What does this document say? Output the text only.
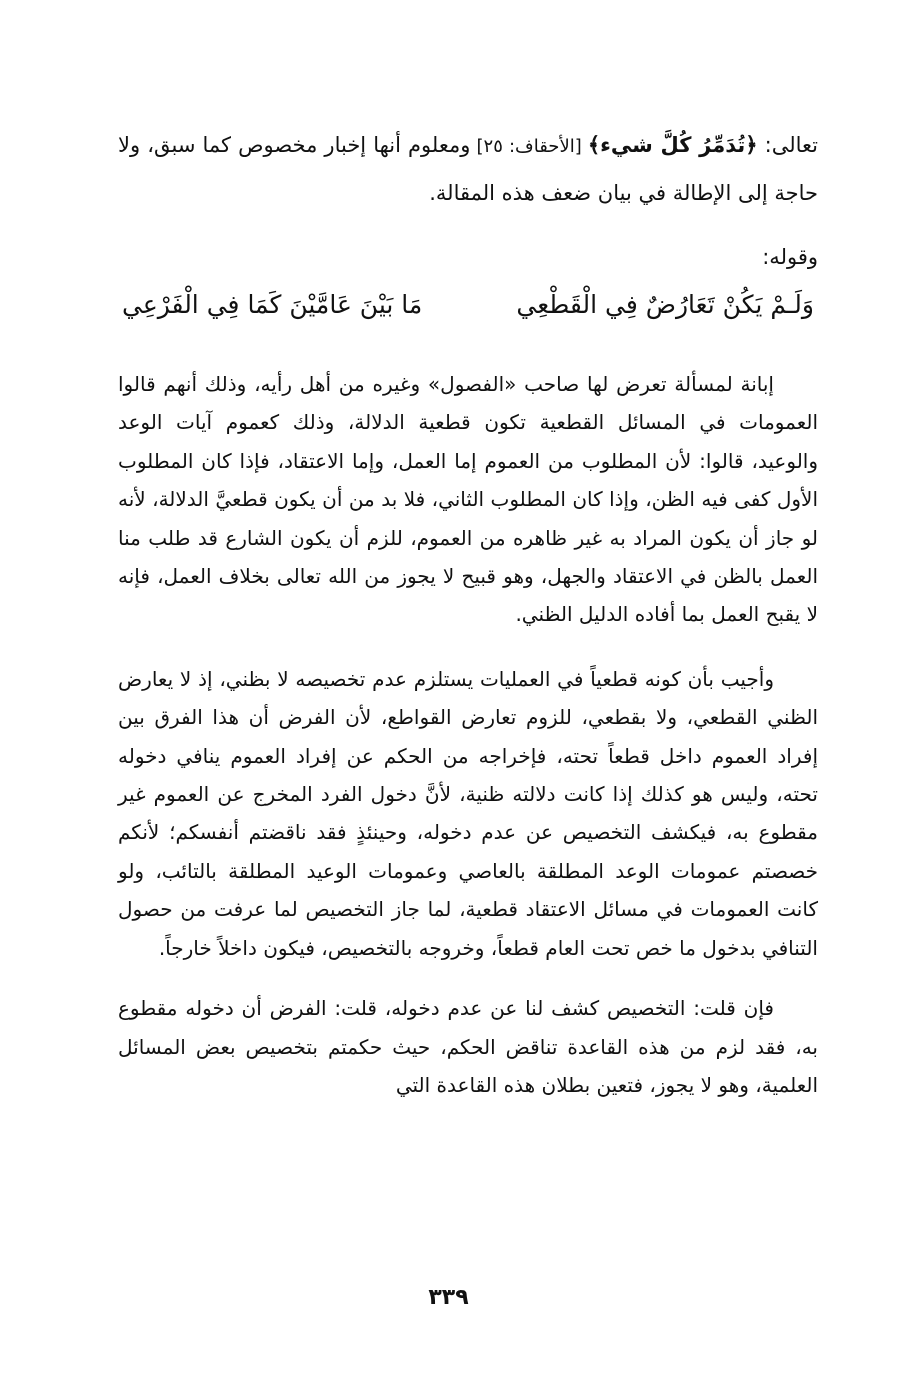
تعالى: ﴿تُدَمِّرُ كُلَّ شيء﴾ [الأحقاف: ٢٥] ومعلوم أنها إخبار مخصوص كما سبق، ولا حاجة إلى الإطالة في بيان ضعف هذه المقالة.

وقوله:
وَلَـمْ يَكُنْ تَعَارُضٌ فِي الْقَطْعِي
مَا بَيْنَ عَامَّيْنَ كَمَا فِي الْفَرْعِي

إبانة لمسألة تعرض لها صاحب «الفصول» وغيره من أهل رأيه، وذلك أنهم قالوا العمومات في المسائل القطعية تكون قطعية الدلالة، وذلك كعموم آيات الوعد والوعيد، قالوا: لأن المطلوب من العموم إما العمل، وإما الاعتقاد، فإذا كان المطلوب الأول كفى فيه الظن، وإذا كان المطلوب الثاني، فلا بد من أن يكون قطعيَّ الدلالة، لأنه لو جاز أن يكون المراد به غير ظاهره من العموم، للزم أن يكون الشارع قد طلب منا العمل بالظن في الاعتقاد والجهل، وهو قبيح لا يجوز من الله تعالى بخلاف العمل، فإنه لا يقبح العمل بما أفاده الدليل الظني.

وأجيب بأن كونه قطعياً في العمليات يستلزم عدم تخصيصه لا بظني، إذ لا يعارض الظني القطعي، ولا بقطعي، للزوم تعارض القواطع، لأن الفرض أن هذا الفرق بين إفراد العموم داخل قطعاً تحته، فإخراجه من الحكم عن إفراد العموم ينافي دخوله تحته، وليس هو كذلك إذا كانت دلالته ظنية، لأنَّ دخول الفرد المخرج عن العموم غير مقطوع به، فيكشف التخصيص عن عدم دخوله، وحينئذٍ فقد ناقضتم أنفسكم؛ لأنكم خصصتم عمومات الوعد المطلقة بالعاصي وعمومات الوعيد المطلقة بالتائب، ولو كانت العمومات في مسائل الاعتقاد قطعية، لما جاز التخصيص لما عرفت من حصول التنافي بدخول ما خص تحت العام قطعاً، وخروجه بالتخصيص، فيكون داخلاً خارجاً.

فإن قلت: التخصيص كشف لنا عن عدم دخوله، قلت: الفرض أن دخوله مقطوع به، فقد لزم من هذه القاعدة تناقض الحكم، حيث حكمتم بتخصيص بعض المسائل العلمية، وهو لا يجوز، فتعين بطلان هذه القاعدة التي

٣٣٩
